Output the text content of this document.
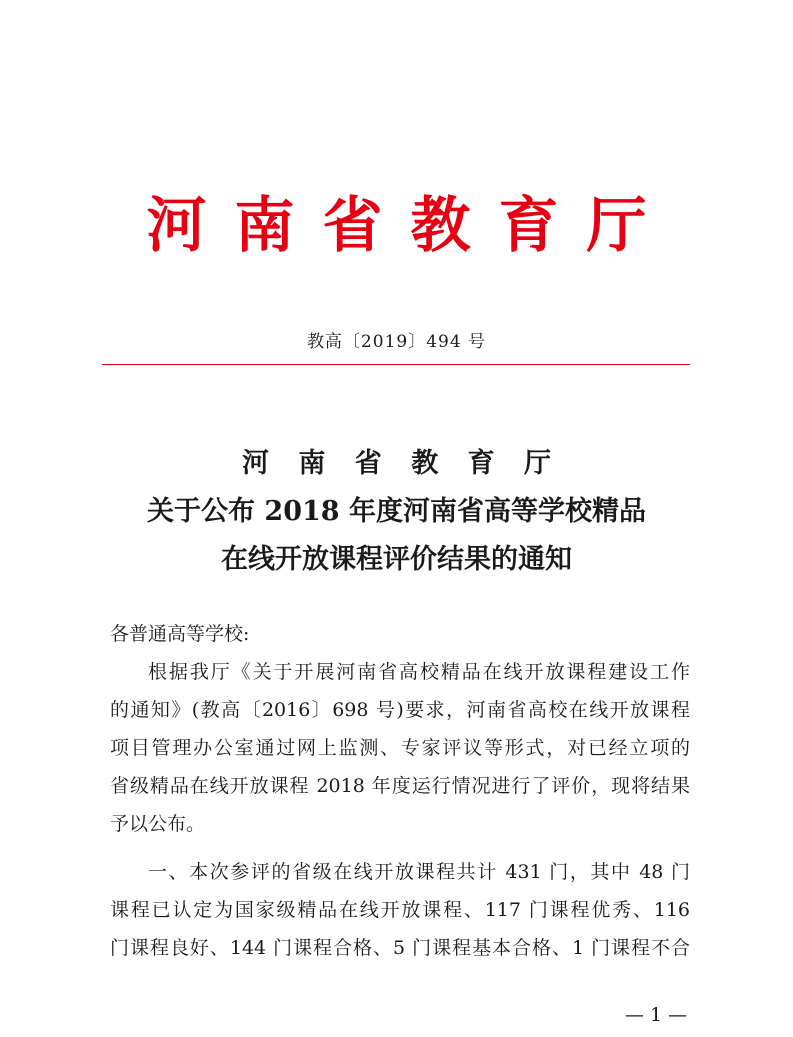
河南省教育厅
教高〔2019〕494 号
河 南 省 教 育 厅
关于公布 2018 年度河南省高等学校精品
在线开放课程评价结果的通知
各普通高等学校:
根据我厅《关于开展河南省高校精品在线开放课程建设工作
的通知》(教高〔2016〕698 号)要求，河南省高校在线开放课程
项目管理办公室通过网上监测、专家评议等形式，对已经立项的
省级精品在线开放课程 2018 年度运行情况进行了评价，现将结果
予以公布。
一、本次参评的省级在线开放课程共计 431 门，其中 48 门
课程已认定为国家级精品在线开放课程、117 门课程优秀、116
门课程良好、144 门课程合格、5 门课程基本合格、1 门课程不合
— 1 —
